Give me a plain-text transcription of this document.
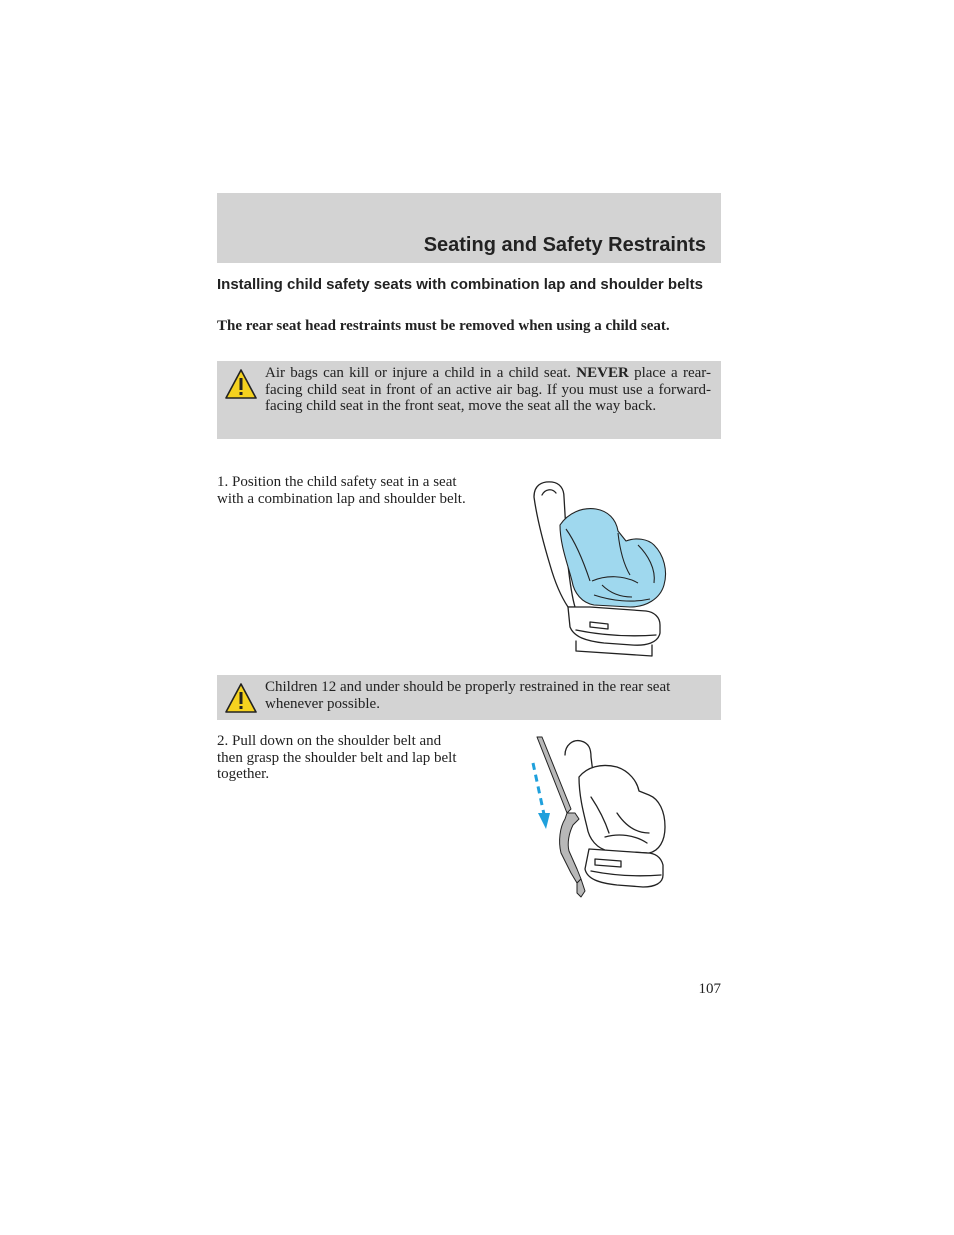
Seating and Safety Restraints
Installing child safety seats with combination lap and shoulder belts
The rear seat head restraints must be removed when using a child seat.
Air bags can kill or injure a child in a child seat. NEVER place a rear-facing child seat in front of an active air bag. If you must use a forward-facing child seat in the front seat, move the seat all the way back.
1. Position the child safety seat in a seat with a combination lap and shoulder belt.
Children 12 and under should be properly restrained in the rear seat whenever possible.
2. Pull down on the shoulder belt and then grasp the shoulder belt and lap belt together.
107
